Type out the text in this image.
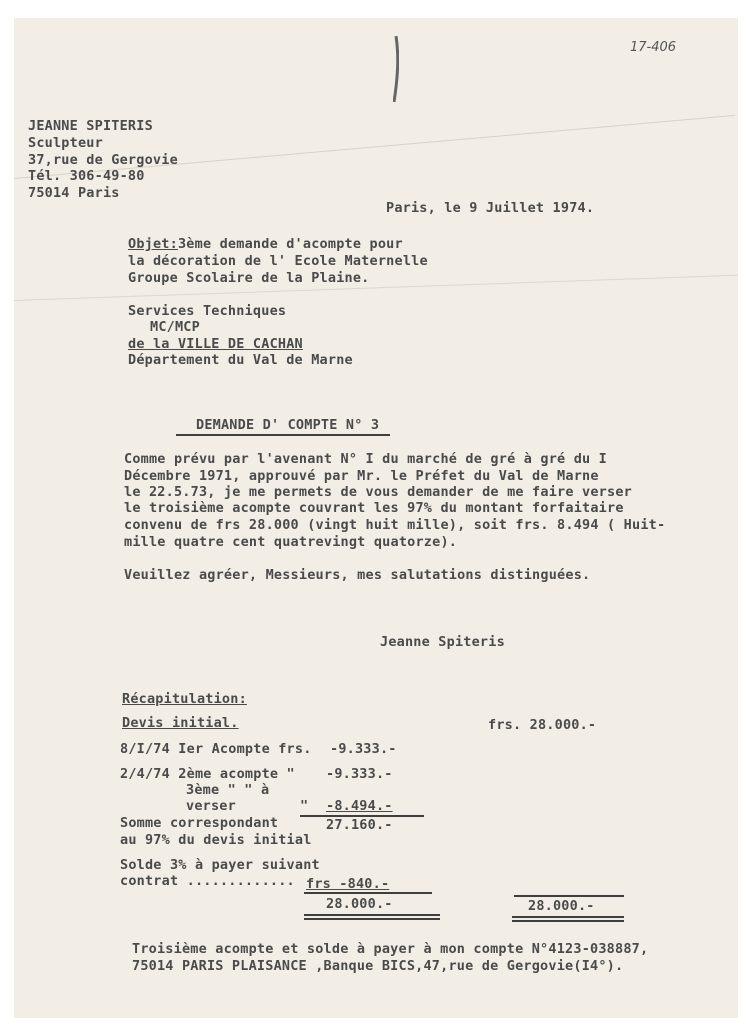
17-406
JEANNE SPITERIS
Sculpteur
37,rue de Gergovie
Tél. 306-49-80
75014 Paris
Paris, le 9 Juillet 1974.
Objet:3ème demande d'acompte pour
la décoration de l' Ecole Maternelle
Groupe Scolaire de la Plaine.
Services Techniques
MC/MCP
de la VILLE DE CACHAN
Département du Val de Marne
DEMANDE D' COMPTE N° 3
Comme prévu par l'avenant N° I du marché de gré à gré du I
Décembre 1971, approuvé par Mr. le Préfet du Val de Marne
le 22.5.73, je me permets de vous demander de me faire verser
le troisième acompte couvrant les 97% du montant forfaitaire
convenu de frs 28.000 (vingt huit mille), soit frs. 8.494 ( Huit-
mille quatre cent quatrevingt quatorze).
Veuillez agréer, Messieurs, mes salutations distinguées.
Jeanne Spiteris
Récapitulation:
Devis initial.	frs. 28.000.-
8/I/74 Ier Acompte frs. -9.333.-
2/4/74 2ème acompte " -9.333.-
3ème " " à
verser	" -8.494.-
Somme correspondant
au 97% du devis initial
27.160.-
Solde 3% à payer suivant
contrat ............. frs -840.-
28.000.-	28.000.-
Troisième acompte et solde à payer à mon compte N°4123-038887,
75014 PARIS PLAISANCE ,Banque BICS,47,rue de Gergovie(I4°).
